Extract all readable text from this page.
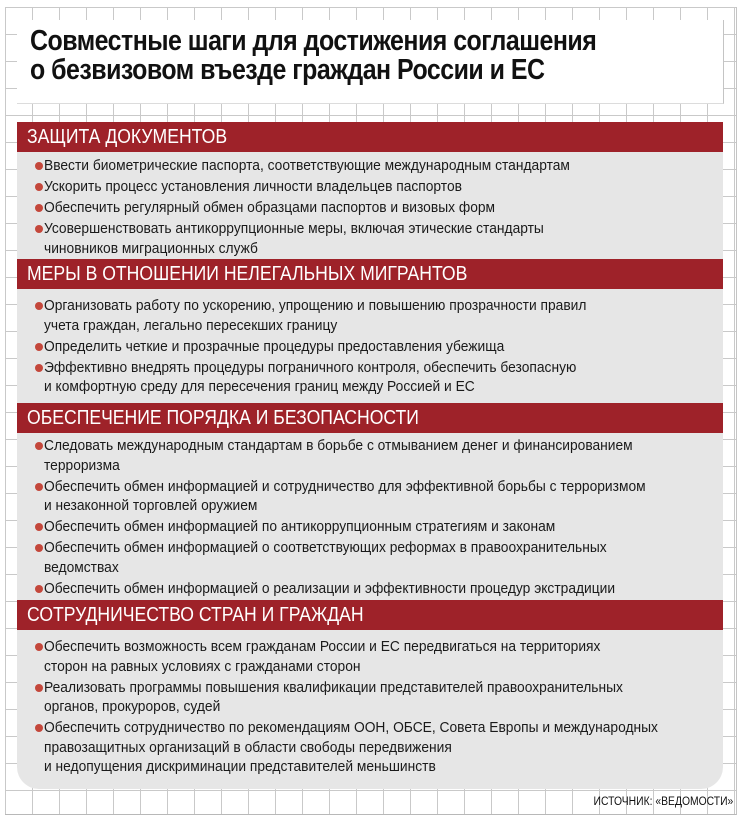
Совместные шаги для достижения соглашения
о безвизовом въезде граждан России и ЕС
ЗАЩИТА ДОКУМЕНТОВ
Ввести биометрические паспорта, соответствующие международным стандартам
Ускорить процесс установления личности владельцев паспортов
Обеспечить регулярный обмен образцами паспортов и визовых форм
Усовершенствовать антикоррупционные меры, включая этические стандарты
чиновников миграционных служб
МЕРЫ В ОТНОШЕНИИ НЕЛЕГАЛЬНЫХ МИГРАНТОВ
Организовать работу по ускорению, упрощению и повышению прозрачности правил
учета граждан, легально пересекших границу
Определить четкие и прозрачные процедуры предоставления убежища
Эффективно внедрять процедуры пограничного контроля, обеспечить безопасную
и комфортную среду для пересечения границ между Россией и ЕС
ОБЕСПЕЧЕНИЕ ПОРЯДКА И БЕЗОПАСНОСТИ
Следовать международным стандартам в борьбе с отмыванием денег и финансированием
терроризма
Обеспечить обмен информацией и сотрудничество для эффективной борьбы с терроризмом
и незаконной торговлей оружием
Обеспечить обмен информацией по антикоррупционным стратегиям и законам
Обеспечить обмен информацией о соответствующих реформах в правоохранительных
ведомствах
Обеспечить обмен информацией о реализации и эффективности процедур экстрадиции
СОТРУДНИЧЕСТВО СТРАН И ГРАЖДАН
Обеспечить возможность всем гражданам России и ЕС передвигаться на территориях
сторон на равных условиях с гражданами сторон
Реализовать программы повышения квалификации представителей правоохранительных
органов, прокуроров, судей
Обеспечить сотрудничество по рекомендациям ООН, ОБСЕ, Совета Европы и международных
правозащитных организаций в области свободы передвижения
и недопущения дискриминации представителей меньшинств
ИСТОЧНИК: «ВЕДОМОСТИ»
